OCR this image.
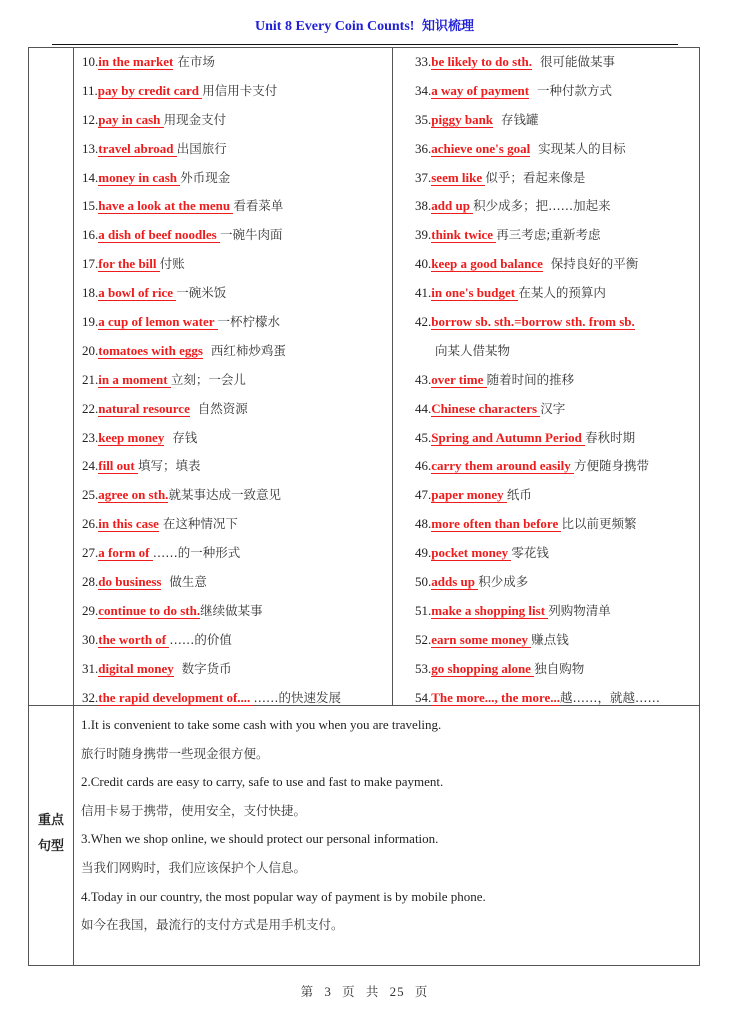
Unit 8 Every Coin Counts! 知识梳理
10.in the market 在市场
11.pay by credit card 用信用卡支付
12.pay in cash 用现金支付
13.travel abroad 出国旅行
14.money in cash 外币现金
15.have a look at the menu 看看菜单
16.a dish of beef noodles 一碗牛肉面
17.for the bill 付账
18.a bowl of rice 一碗米饭
19.a cup of lemon water 一杯柠檬水
20.tomatoes with eggs  西红柿炒鸡蛋
21.in a moment 立刻；一会儿
22.natural resource  自然资源
23.keep money  存钱
24.fill out 填写；填表
25.agree on sth.就某事达成一致意见
26.in this case 在这种情况下
27.a form of ……的一种形式
28.do business  做生意
29.continue to do sth.继续做某事
30.the worth of ……的价值
31.digital money  数字货币
32.the rapid development of.... ……的快速发展
33.be likely to do sth.  很可能做某事
34.a way of payment  一种付款方式
35.piggy bank  存钱罐
36.achieve one's goal  实现某人的目标
37.seem like 似乎；看起来像是
38.add up 积少成多；把……加起来
39.think twice 再三考虑;重新考虑
40.keep a good balance  保持良好的平衡
41.in one's budget 在某人的预算内
42.borrow sb. sth.=borrow sth. from sb.
向某人借某物
43.over time 随着时间的推移
44.Chinese characters 汉字
45.Spring and Autumn Period 春秋时期
46.carry them around easily 方便随身携带
47.paper money 纸币
48.more often than before 比以前更频繁
49.pocket money 零花钱
50.adds up 积少成多
51.make a shopping list 列购物清单
52.earn some money 赚点钱
53.go shopping alone 独自购物
54.The more..., the more...越……，就越……
重点
句型
1.It is convenient to take some cash with you when you are traveling.
旅行时随身携带一些现金很方便。
2.Credit cards are easy to carry, safe to use and fast to make payment.
信用卡易于携带，使用安全，支付快捷。
3.When we shop online, we should protect our personal information.
当我们网购时，我们应该保护个人信息。
4.Today in our country, the most popular way of payment is by mobile phone.
如今在我国，最流行的支付方式是用手机支付。
第 3 页 共 25 页
